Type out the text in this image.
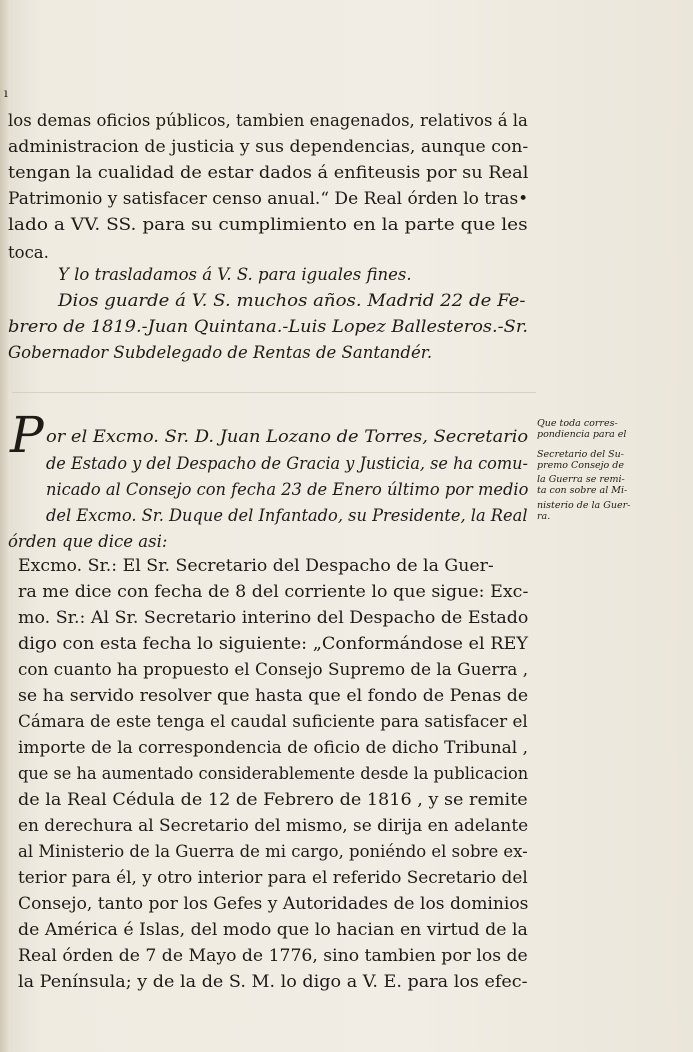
ı
los demas oficios públicos, tambien enagenados, relativos á la
administracion de justicia y sus dependencias, aunque con-
tengan la cualidad de estar dados á enfiteusis por su Real
Patrimonio y satisfacer censo anual.“ De Real órden lo tras•
lado a VV. SS. para su cumplimiento en la parte que les
toca.
Y lo trasladamos á V. S. para iguales fines.
Dios guarde á V. S. muchos años. Madrid 22 de Fe-
brero de 1819.-Juan Quintana.-Luis Lopez Ballesteros.-Sr.
Gobernador Subdelegado de Rentas de Santandér.
P or el Excmo. Sr. D. Juan Lozano de Torres, Secretario
de Estado y del Despacho de Gracia y Justicia, se ha comu-
nicado al Consejo con fecha 23 de Enero último por medio
del Excmo. Sr. Duque del Infantado, su Presidente, la Real
órden que dice asi:
Que toda corres-
pondiencia para el
Secretario del Su-
premo Consejo de
la Guerra se remi-
ta con sobre al Mi-
nisterio de la Guer-
ra.
Excmo. Sr.: El Sr. Secretario del Despacho de la Guer-
ra me dice con fecha de 8 del corriente lo que sigue: Exc-
mo. Sr.: Al Sr. Secretario interino del Despacho de Estado
digo con esta fecha lo siguiente: „Conformándose el REY
con cuanto ha propuesto el Consejo Supremo de la Guerra ,
se ha servido resolver que hasta que el fondo de Penas de
Cámara de este tenga el caudal suficiente para satisfacer el
importe de la correspondencia de oficio de dicho Tribunal ,
que se ha aumentado considerablemente desde la publicacion
de la Real Cédula de 12 de Febrero de 1816 , y se remite
en derechura al Secretario del mismo, se dirija en adelante
al Ministerio de la Guerra de mi cargo, poniéndo el sobre ex-
terior para él, y otro interior para el referido Secretario del
Consejo, tanto por los Gefes y Autoridades de los dominios
de América é Islas, del modo que lo hacian en virtud de la
Real órden de 7 de Mayo de 1776, sino tambien por los de
la Península; y de la de S. M. lo digo a V. E. para los efec-
